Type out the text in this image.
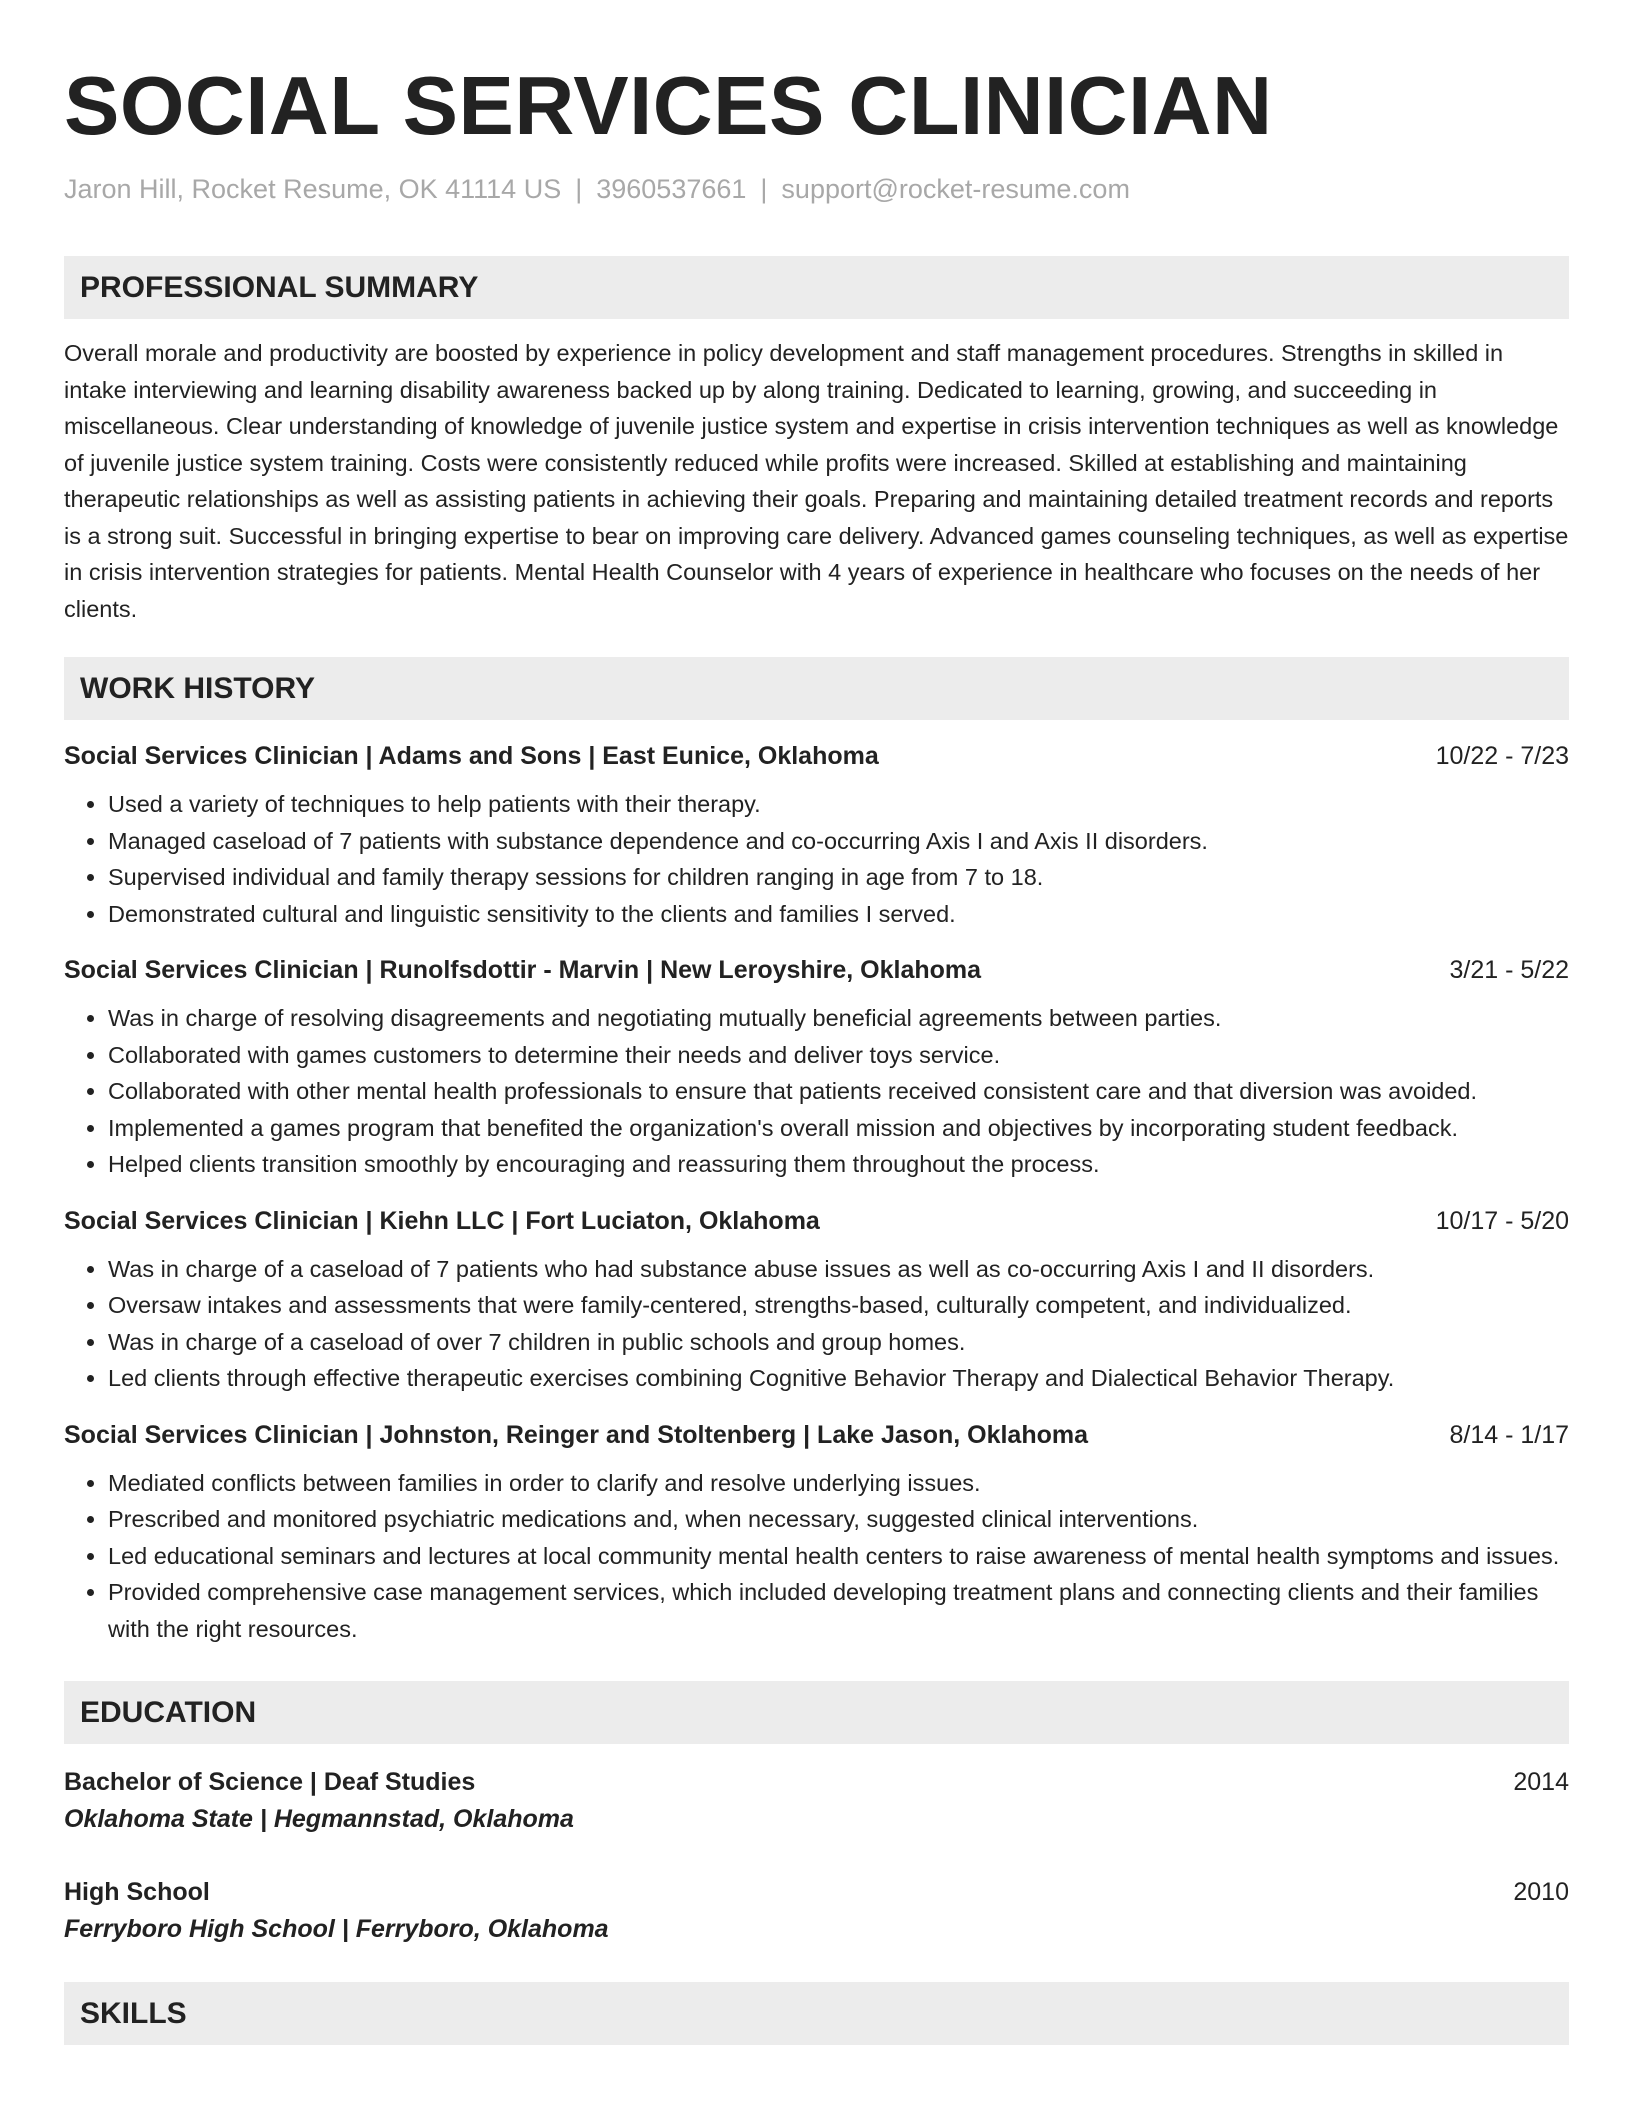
SOCIAL SERVICES CLINICIAN
Jaron Hill, Rocket Resume, OK 41114 US | 3960537661 | support@rocket-resume.com
PROFESSIONAL SUMMARY

Overall morale and productivity are boosted by experience in policy development and staff management procedures. Strengths in skilled in intake interviewing and learning disability awareness backed up by along training. Dedicated to learning, growing, and succeeding in miscellaneous. Clear understanding of knowledge of juvenile justice system and expertise in crisis intervention techniques as well as knowledge of juvenile justice system training. Costs were consistently reduced while profits were increased. Skilled at establishing and maintaining therapeutic relationships as well as assisting patients in achieving their goals. Preparing and maintaining detailed treatment records and reports is a strong suit. Successful in bringing expertise to bear on improving care delivery. Advanced games counseling techniques, as well as expertise in crisis intervention strategies for patients. Mental Health Counselor with 4 years of experience in healthcare who focuses on the needs of her clients.

WORK HISTORY
Social Services Clinician | Adams and Sons | East Eunice, Oklahoma	10/22 - 7/23
• Used a variety of techniques to help patients with their therapy.
• Managed caseload of 7 patients with substance dependence and co-occurring Axis I and Axis II disorders.
• Supervised individual and family therapy sessions for children ranging in age from 7 to 18.
• Demonstrated cultural and linguistic sensitivity to the clients and families I served.
Social Services Clinician | Runolfsdottir - Marvin | New Leroyshire, Oklahoma	3/21 - 5/22
• Was in charge of resolving disagreements and negotiating mutually beneficial agreements between parties.
• Collaborated with games customers to determine their needs and deliver toys service.
• Collaborated with other mental health professionals to ensure that patients received consistent care and that diversion was avoided.
• Implemented a games program that benefited the organization's overall mission and objectives by incorporating student feedback.
• Helped clients transition smoothly by encouraging and reassuring them throughout the process.
Social Services Clinician | Kiehn LLC | Fort Luciaton, Oklahoma	10/17 - 5/20
• Was in charge of a caseload of 7 patients who had substance abuse issues as well as co-occurring Axis I and II disorders.
• Oversaw intakes and assessments that were family-centered, strengths-based, culturally competent, and individualized.
• Was in charge of a caseload of over 7 children in public schools and group homes.
• Led clients through effective therapeutic exercises combining Cognitive Behavior Therapy and Dialectical Behavior Therapy.
Social Services Clinician | Johnston, Reinger and Stoltenberg | Lake Jason, Oklahoma	8/14 - 1/17
• Mediated conflicts between families in order to clarify and resolve underlying issues.
• Prescribed and monitored psychiatric medications and, when necessary, suggested clinical interventions.
• Led educational seminars and lectures at local community mental health centers to raise awareness of mental health symptoms and issues.
• Provided comprehensive case management services, which included developing treatment plans and connecting clients and their families with the right resources.
EDUCATION
Bachelor of Science | Deaf Studies	2014
Oklahoma State | Hegmannstad, Oklahoma
High School	2010
Ferryboro High School | Ferryboro, Oklahoma
SKILLS
